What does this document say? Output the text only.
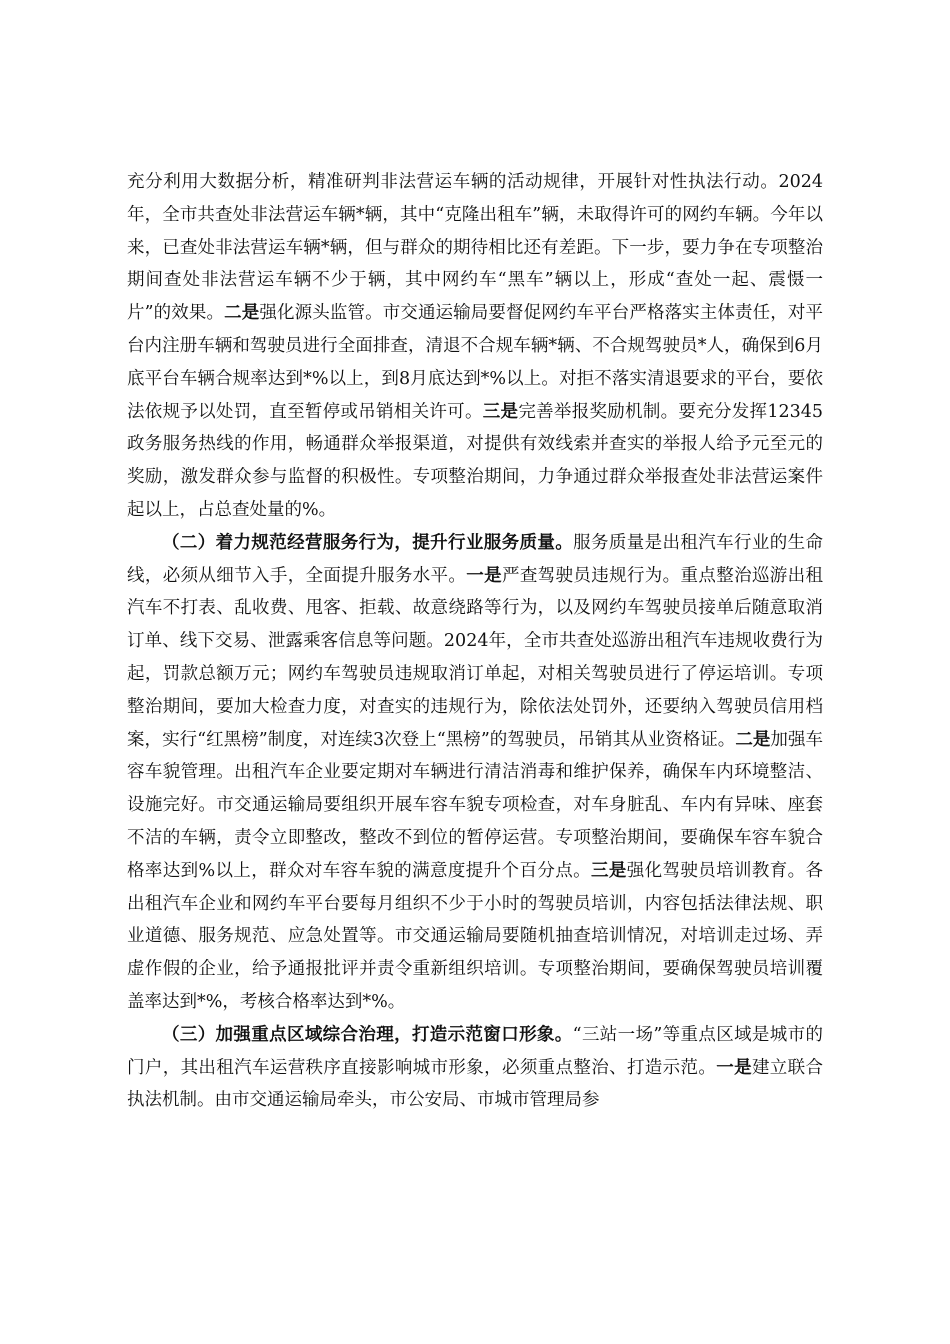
充分利用大数据分析，精准研判非法营运车辆的活动规律，开展针对性执法行动。2024年，全市共查处非法营运车辆*辆，其中“克隆出租车”辆，未取得许可的网约车辆。今年以来，已查处非法营运车辆*辆，但与群众的期待相比还有差距。下一步，要力争在专项整治期间查处非法营运车辆不少于辆，其中网约车“黑车”辆以上，形成“查处一起、震慑一片”的效果。二是强化源头监管。市交通运输局要督促网约车平台严格落实主体责任，对平台内注册车辆和驾驶员进行全面排查，清退不合规车辆*辆、不合规驾驶员*人，确保到6月底平台车辆合规率达到*%以上，到8月底达到*%以上。对拒不落实清退要求的平台，要依法依规予以处罚，直至暂停或吊销相关许可。三是完善举报奖励机制。要充分发挥12345政务服务热线的作用，畅通群众举报渠道，对提供有效线索并查实的举报人给予元至元的奖励，激发群众参与监督的积极性。专项整治期间，力争通过群众举报查处非法营运案件起以上，占总查处量的%。

（二）着力规范经营服务行为，提升行业服务质量。服务质量是出租汽车行业的生命线，必须从细节入手，全面提升服务水平。一是严查驾驶员违规行为。重点整治巡游出租汽车不打表、乱收费、甩客、拒载、故意绕路等行为，以及网约车驾驶员接单后随意取消订单、线下交易、泄露乘客信息等问题。2024年，全市共查处巡游出租汽车违规收费行为起，罚款总额万元；网约车驾驶员违规取消订单起，对相关驾驶员进行了停运培训。专项整治期间，要加大检查力度，对查实的违规行为，除依法处罚外，还要纳入驾驶员信用档案，实行“红黑榜”制度，对连续3次登上“黑榜”的驾驶员，吊销其从业资格证。二是加强车容车貌管理。出租汽车企业要定期对车辆进行清洁消毒和维护保养，确保车内环境整洁、设施完好。市交通运输局要组织开展车容车貌专项检查，对车身脏乱、车内有异味、座套不洁的车辆，责令立即整改，整改不到位的暂停运营。专项整治期间，要确保车容车貌合格率达到%以上，群众对车容车貌的满意度提升个百分点。三是强化驾驶员培训教育。各出租汽车企业和网约车平台要每月组织不少于小时的驾驶员培训，内容包括法律法规、职业道德、服务规范、应急处置等。市交通运输局要随机抽查培训情况，对培训走过场、弄虚作假的企业，给予通报批评并责令重新组织培训。专项整治期间，要确保驾驶员培训覆盖率达到*%，考核合格率达到*%。

（三）加强重点区域综合治理，打造示范窗口形象。“三站一场”等重点区域是城市的门户，其出租汽车运营秩序直接影响城市形象，必须重点整治、打造示范。一是建立联合执法机制。由市交通运输局牵头，市公安局、市城市管理局参
